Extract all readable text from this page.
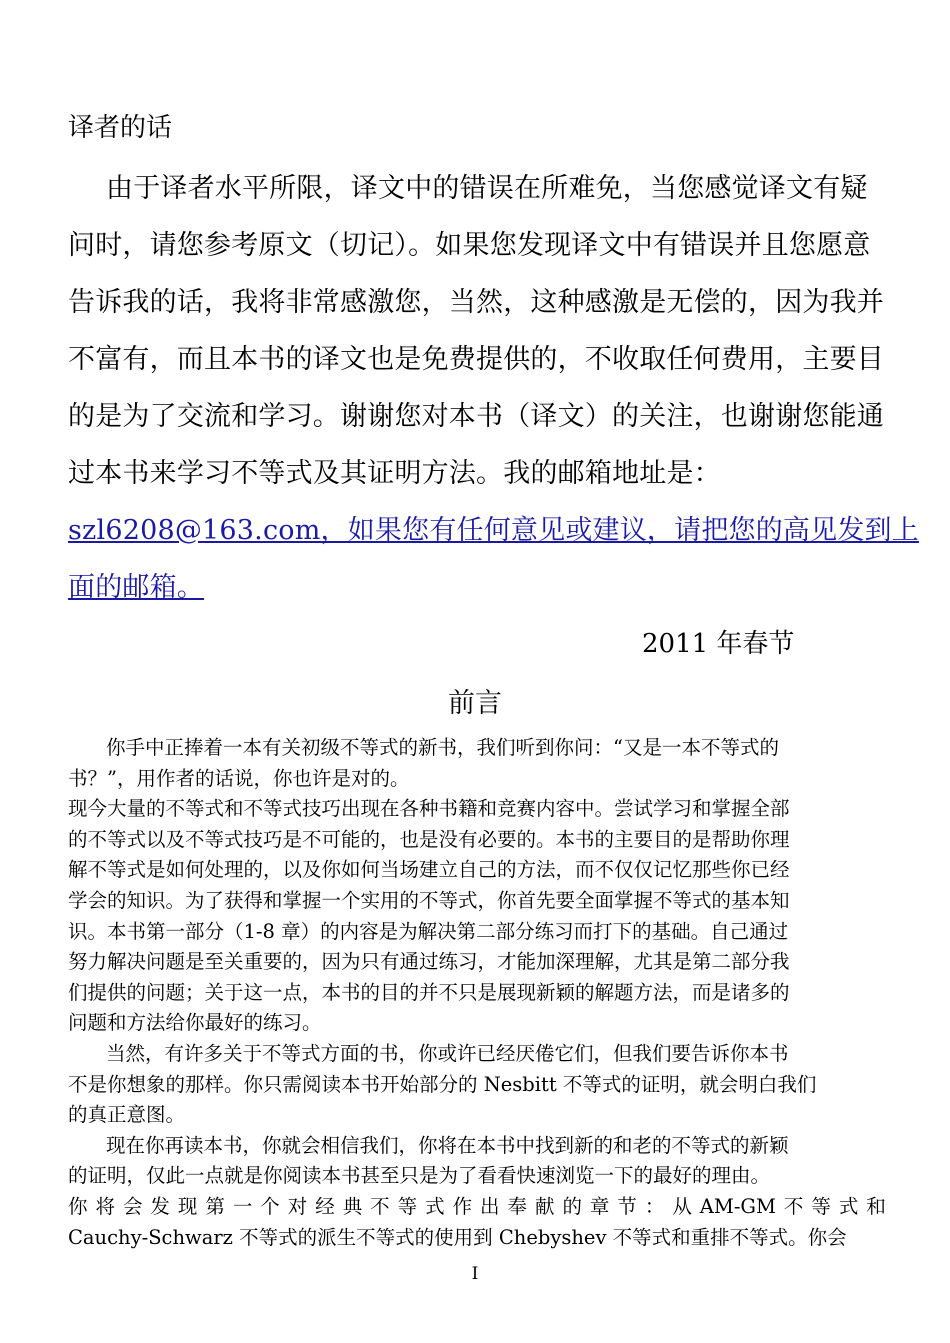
译者的话
由于译者水平所限，译文中的错误在所难免，当您感觉译文有疑
问时，请您参考原文（切记）。如果您发现译文中有错误并且您愿意
告诉我的话，我将非常感激您，当然，这种感激是无偿的，因为我并
不富有，而且本书的译文也是免费提供的，不收取任何费用，主要目
的是为了交流和学习。谢谢您对本书（译文）的关注，也谢谢您能通
过本书来学习不等式及其证明方法。我的邮箱地址是：
szl6208@163.com，如果您有任何意见或建议，请把您的高见发到上
面的邮箱。
2011 年春节
前言
你手中正捧着一本有关初级不等式的新书，我们听到你问：“又是一本不等式的
书？”，用作者的话说，你也许是对的。
现今大量的不等式和不等式技巧出现在各种书籍和竞赛内容中。尝试学习和掌握全部
的不等式以及不等式技巧是不可能的，也是没有必要的。本书的主要目的是帮助你理
解不等式是如何处理的，以及你如何当场建立自己的方法，而不仅仅记忆那些你已经
学会的知识。为了获得和掌握一个实用的不等式，你首先要全面掌握不等式的基本知
识。本书第一部分（1-8 章）的内容是为解决第二部分练习而打下的基础。自己通过
努力解决问题是至关重要的，因为只有通过练习，才能加深理解，尤其是第二部分我
们提供的问题；关于这一点，本书的目的并不只是展现新颖的解题方法，而是诸多的
问题和方法给你最好的练习。
当然，有许多关于不等式方面的书，你或许已经厌倦它们，但我们要告诉你本书
不是你想象的那样。你只需阅读本书开始部分的 Nesbitt 不等式的证明，就会明白我们
的真正意图。
现在你再读本书，你就会相信我们，你将在本书中找到新的和老的不等式的新颖
的证明，仅此一点就是你阅读本书甚至只是为了看看快速浏览一下的最好的理由。
你 将 会 发 现 第 一 个 对 经 典 不 等 式 作 出 奉 献 的 章 节 ： 从 AM-GM 不 等 式 和
Cauchy-Schwarz 不等式的派生不等式的使用到 Chebyshev 不等式和重排不等式。你会
I
